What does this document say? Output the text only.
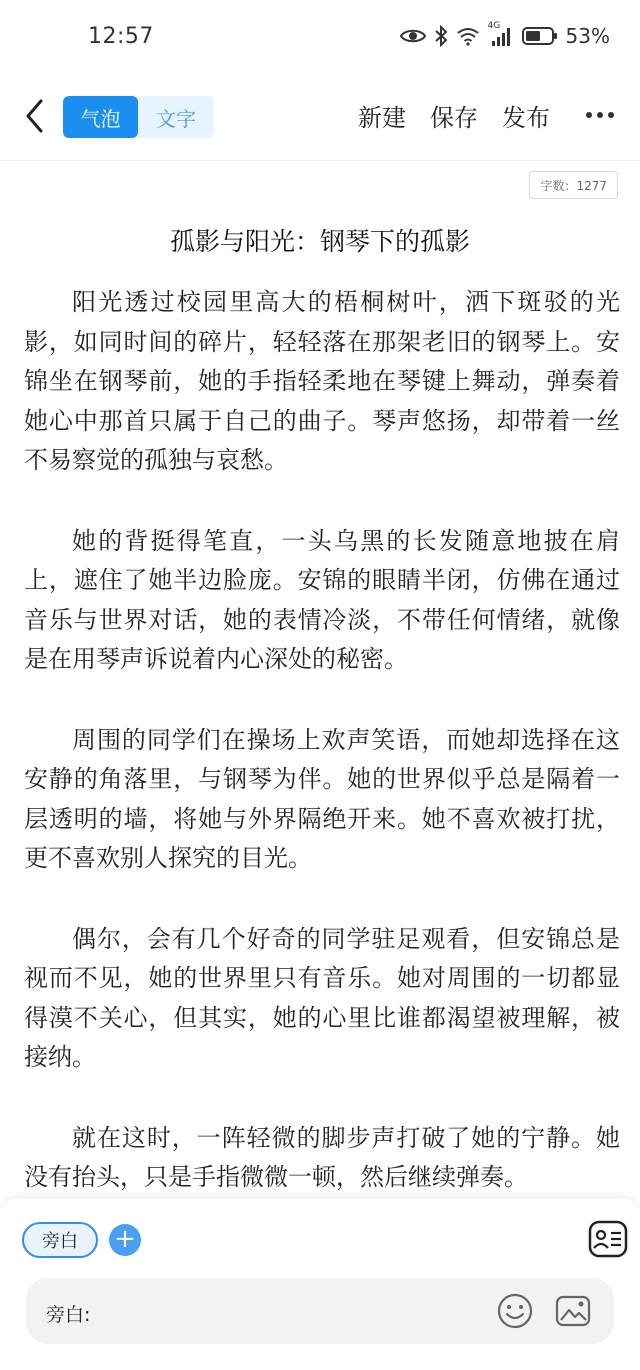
12:57	4G	53%
气泡	文字	新建 保存 发布
字数：1277
孤影与阳光：钢琴下的孤影

阳光透过校园里高大的梧桐树叶，洒下斑驳的光影，如同时间的碎片，轻轻落在那架老旧的钢琴上。安锦坐在钢琴前，她的手指轻柔地在琴键上舞动，弹奏着她心中那首只属于自己的曲子。琴声悠扬，却带着一丝不易察觉的孤独与哀愁。

她的背挺得笔直，一头乌黑的长发随意地披在肩上，遮住了她半边脸庞。安锦的眼睛半闭，仿佛在通过音乐与世界对话，她的表情冷淡，不带任何情绪，就像是在用琴声诉说着内心深处的秘密。

周围的同学们在操场上欢声笑语，而她却选择在这安静的角落里，与钢琴为伴。她的世界似乎总是隔着一层透明的墙，将她与外界隔绝开来。她不喜欢被打扰，更不喜欢别人探究的目光。

偶尔，会有几个好奇的同学驻足观看，但安锦总是视而不见，她的世界里只有音乐。她对周围的一切都显得漠不关心，但其实，她的心里比谁都渴望被理解，被接纳。

就在这时，一阵轻微的脚步声打破了她的宁静。她没有抬头，只是手指微微一顿，然后继续弹奏。

旁白	+
旁白:
